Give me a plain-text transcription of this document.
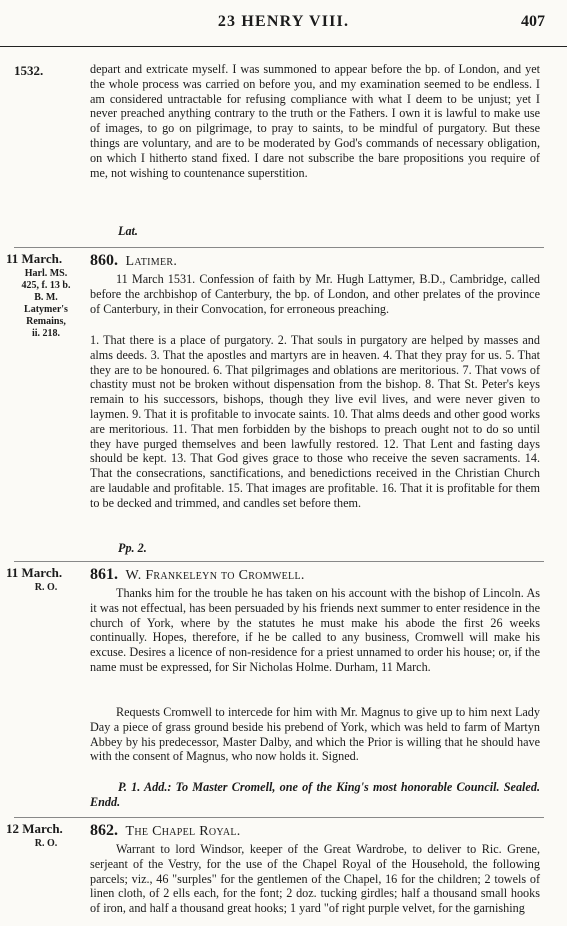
23 HENRY VIII.	407
1532.	depart and extricate myself. I was summoned to appear before the bp. of London, and yet the whole process was carried on before you, and my examination seemed to be endless. I am considered untractable for refusing compliance with what I deem to be unjust; yet I never preached anything contrary to the truth or the Fathers. I own it is lawful to make use of images, to go on pilgrimage, to pray to saints, to be mindful of purgatory. But these things are voluntary, and are to be moderated by God's commands of necessary obligation, on which I hitherto stand fixed. I dare not subscribe the bare propositions you require of me, not wishing to countenance superstition.

Lat.

11 March.
Harl. MS.
425, f. 13 b.
B. M.
Latymer's
Remains,
ii. 218.
860. Latimer.

11 March 1531. Confession of faith by Mr. Hugh Lattymer, B.D., Cambridge, called before the archbishop of Canterbury, the bp. of London, and other prelates of the province of Canterbury, in their Convocation, for erroneous preaching.

1. That there is a place of purgatory. 2. That souls in purgatory are helped by masses and alms deeds. 3. That the apostles and martyrs are in heaven. 4. That they pray for us. 5. That they are to be honoured. 6. That pilgrimages and oblations are meritorious. 7. That vows of chastity must not be broken without dispensation from the bishop. 8. That St. Peter's keys remain to his successors, bishops, though they live evil lives, and were never given to laymen. 9. That it is profitable to invocate saints. 10. That alms deeds and other good works are meritorious. 11. That men forbidden by the bishops to preach ought not to do so until they have purged themselves and been lawfully restored. 12. That Lent and fasting days should be kept. 13. That God gives grace to those who receive the seven sacraments. 14. That the consecrations, sanctifications, and benedictions received in the Christian Church are laudable and profitable. 15. That images are profitable. 16. That it is profitable for them to be decked and trimmed, and candles set before them.

Pp. 2.

11 March.
R. O.
861. W. Frankeleyn to Cromwell.

Thanks him for the trouble he has taken on his account with the bishop of Lincoln. As it was not effectual, has been persuaded by his friends next summer to enter residence in the church of York, where by the statutes he must make his abode the first 26 weeks continually. Hopes, therefore, if he be called to any business, Cromwell will make his excuse. Desires a licence of non-residence for a priest unnamed to order his house; or, if the name must be expressed, for Sir Nicholas Holme. Durham, 11 March.

Requests Cromwell to intercede for him with Mr. Magnus to give up to him next Lady Day a piece of grass ground beside his prebend of York, which was held to farm of Martyn Abbey by his predecessor, Master Dalby, and which the Prior is willing that he should have with the consent of Magnus, who now holds it. Signed.

P. 1. Add.: To Master Cromell, one of the King's most honorable Council. Sealed. Endd.

12 March.
R. O.
862. The Chapel Royal.

Warrant to lord Windsor, keeper of the Great Wardrobe, to deliver to Ric. Grene, serjeant of the Vestry, for the use of the Chapel Royal of the Household, the following parcels; viz., 46 "surples" for the gentlemen of the Chapel, 16 for the children; 2 towels of linen cloth, of 2 ells each, for the font; 2 doz. tucking girdles; half a thousand small hooks of iron, and half a thousand great hooks; 1 yard "of right purple velvet, for the garnishing
